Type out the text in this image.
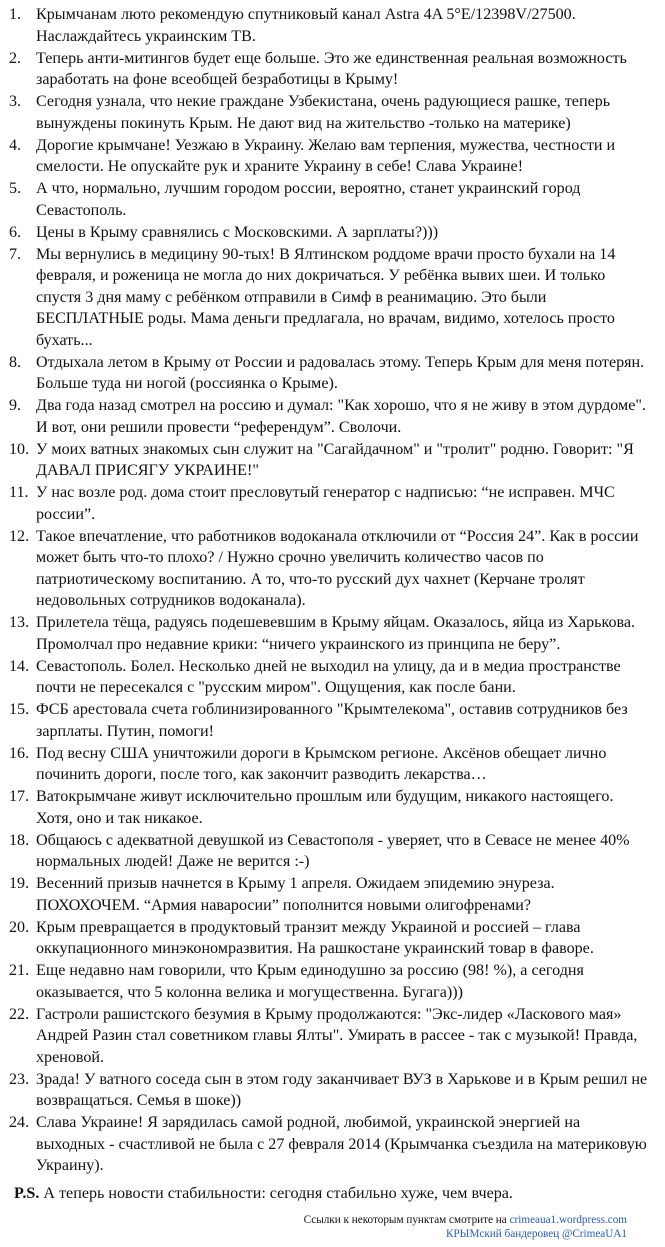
1. Крымчанам люто рекомендую спутниковый канал Astra 4A 5°E/12398V/27500. Наслаждайтесь украинским ТВ.
2. Теперь анти-митингов будет еще больше. Это же единственная реальная возможность заработать на фоне всеобщей безработицы в Крыму!
3. Сегодня узнала, что некие граждане Узбекистана, очень радующиеся рашке, теперь вынуждены покинуть Крым. Не дают вид на жительство -только на материке)
4. Дорогие крымчане! Уезжаю в Украину. Желаю вам терпения, мужества, честности и смелости. Не опускайте рук и храните Украину в себе! Слава Украине!
5. А что, нормально, лучшим городом россии, вероятно, станет украинский город Севастополь.
6. Цены в Крыму сравнялись с Московскими. А зарплаты?)))
7. Мы вернулись в медицину 90-тых! В Ялтинском роддоме врачи просто бухали на 14 февраля, и роженица не могла до них докричаться. У ребёнка вывих шеи. И только спустя 3 дня маму с ребёнком отправили в Симф в реанимацию. Это были БЕСПЛАТНЫЕ роды. Мама деньги предлагала, но врачам, видимо, хотелось просто бухать...
8. Отдыхала летом в Крыму от России и радовалась этому. Теперь Крым для меня потерян. Больше туда ни ногой (россиянка о Крыме).
9. Два года назад смотрел на россию и думал: "Как хорошо, что я не живу в этом дурдоме". И вот, они решили провести “референдум”. Сволочи.
10. У моих ватных знакомых сын служит на "Сагайдачном" и "тролит" родню. Говорит: "Я ДАВАЛ ПРИСЯГУ УКРАИНЕ!"
11. У нас возле род. дома стоит пресловутый генератор с надписью: “не исправен. МЧС россии”.
12. Такое впечатление, что работников водоканала отключили от “Россия 24”. Как в россии может быть что-то плохо? / Нужно срочно увеличить количество часов по патриотическому воспитанию. А то, что-то русский дух чахнет (Керчане тролят недовольных сотрудников водоканала).
13. Прилетела тёща, радуясь подешевевшим в Крыму яйцам. Оказалось, яйца из Харькова. Промолчал про недавние крики: “ничего украинского из принципа не беру”.
14. Севастополь. Болел. Несколько дней не выходил на улицу, да и в медиа пространстве почти не пересекался с "русским миром". Ощущения, как после бани.
15. ФСБ арестовала счета гоблинизированного "Крымтелекома", оставив сотрудников без зарплаты. Путин, помоги!
16. Под весну США уничтожили дороги в Крымском регионе. Аксёнов обещает лично починить дороги, после того, как закончит разводить лекарства…
17. Ватокрымчане живут исключительно прошлым или будущим, никакого настоящего. Хотя, оно и так никакое.
18. Общаюсь с адекватной девушкой из Севастополя - уверяет, что в Севасе не менее 40% нормальных людей! Даже не верится :-)
19. Весенний призыв начнется в Крыму 1 апреля. Ожидаем эпидемию энуреза. ПОХОХОЧЕМ. “Армия наваросии” пополнится новыми олигофренами?
20. Крым превращается в продуктовый транзит между Украиной и россией – глава оккупационного минэкономразвития. На рашкостане украинский товар в фаворе.
21. Еще недавно нам говорили, что Крым единодушно за россию (98! %), а сегодня оказывается, что 5 колонна велика и могущественна. Бугага)))
22. Гастроли рашистского безумия в Крыму продолжаются: "Экс-лидер «Ласкового мая» Андрей Разин стал советником главы Ялты". Умирать в рассее - так с музыкой! Правда, хреновой.
23. Зрада! У ватного соседа сын в этом году заканчивает ВУЗ в Харькове и в Крым решил не возвращаться. Семья в шоке))
24. Слава Украине! Я зарядилась самой родной, любимой, украинской энергией на выходных - счастливой не была с 27 февраля 2014 (Крымчанка съездила на материковую Украину).
P.S. А теперь новости стабильности: сегодня стабильно хуже, чем вчера.
Ссылки к некоторым пунктам смотрите на crimeaua1.wordpress.com
КРЫМский бандеровец @CrimeaUA1
